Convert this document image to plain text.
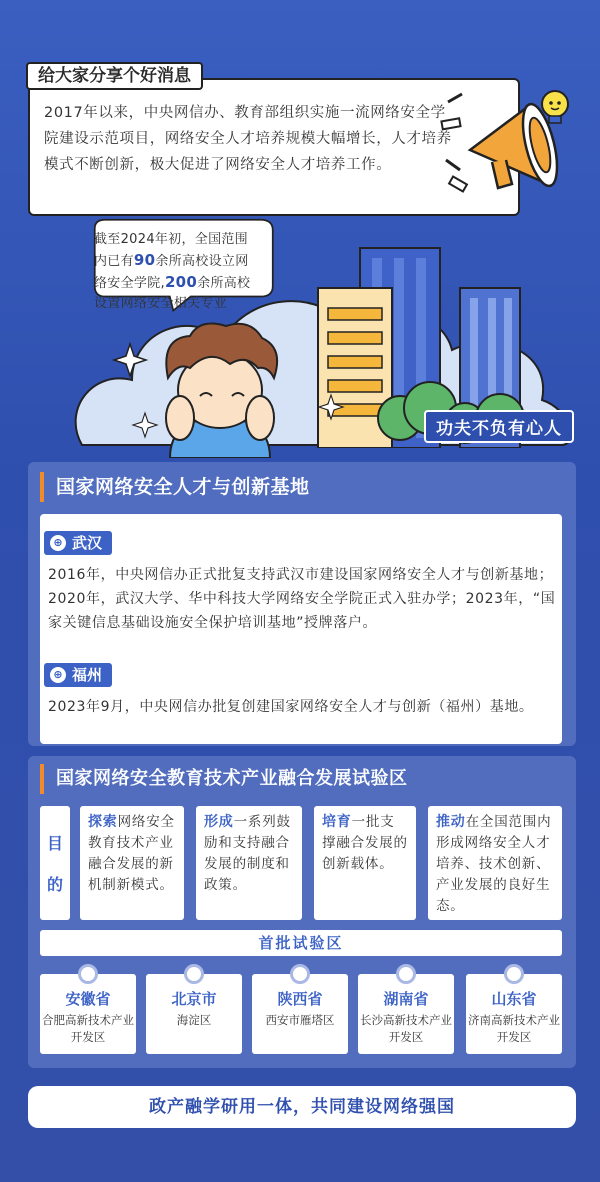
给大家分享个好消息

2017年以来，中央网信办、教育部组织实施一流网络安全学院建设示范项目，网络安全人才培养规模大幅增长，人才培养模式不断创新，极大促进了网络安全人才培养工作。

截至2024年初，全国范围
内已有90余所高校设立网
络安全学院,200余所高校
设置网络安全相关专业
功夫不负有心人
国家网络安全人才与创新基地
⊕ 武汉
2016年，中央网信办正式批复支持武汉市建设国家网络安全人才与创新基地；2020年，武汉大学、华中科技大学网络安全学院正式入驻办学；2023年，“国家关键信息基础设施安全保护培训基地”授牌落户。
⊕ 福州
2023年9月，中央网信办批复创建国家网络安全人才与创新（福州）基地。
国家网络安全教育技术产业融合发展试验区
目
的
探索网络安全教育技术产业融合发展的新机制新模式。
形成一系列鼓励和支持融合发展的制度和政策。
培育一批支撑融合发展的创新载体。
推动在全国范围内形成网络安全人才培养、技术创新、产业发展的良好生态。
首批试验区
安徽省
合肥高新技术产业开发区
北京市
海淀区
陕西省
西安市雁塔区
湖南省
长沙高新技术产业开发区
山东省
济南高新技术产业开发区
政产融学研用一体，共同建设网络强国
